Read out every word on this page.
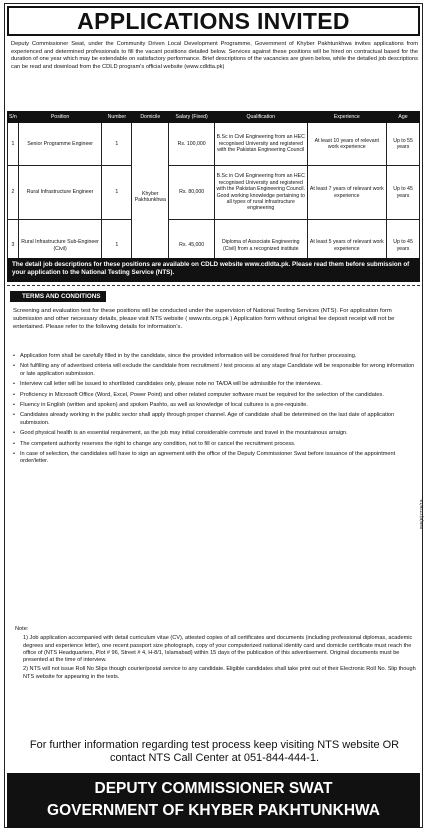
APPLICATIONS INVITED
Deputy Commissioner Swat, under the Community Driven Local Development Programme, Government of Khyber Pakhtunkhwa invites applications from experienced and determined professionals to fill the vacant positions detailed below. Services against these positions will be hired on contractual based for the duration of one year which may be extendable on satisfactory performance. Brief descriptions of the vacancies are given below, while the detailed job descriptions can be read and download from the CDLD program's official website (www.cdldta.pk)
S/n	Position	Number	Domicile	Salary (Fixed)	Qualification	Experience	Age
1	Senior Programme Engineer	1	Khyber Pakhtunkhwa	Rs. 100,000	B.Sc in Civil Engineering from an HEC recognised University and registered with the Pakistan Engineering Council	At least 10 years of relevant work experience	Up to 55 years
2	Rural Infrastructure Engineer	1		Rs. 80,000	B.Sc in Civil Engineering from an HEC recognised University and registered with the Pakistan Engineering Council. Good working knowledge pertaining to all types of rural infrastructure engineering	At least 7 years of relevant work experience	Up to 45 years
3	Rural Infrastructure Sub-Engineer (Civil)	1		Rs. 45,000	Diploma of Associate Engineering (Civil) from a recognized institute	At least 5 years of relevant work experience	Up to 45 years
The detail job descriptions for these positions are available on CDLD website www.cdldta.pk. Please read them before submission of your application to the National Testing Service (NTS).
TERMS AND CONDITIONS
Screening and evaluation test for these positions will be conducted under the supervision of National Testing Services (NTS). For application form submission and other necessary details, please visit NTS website ( www.nts.org.pk ) Application form without original fee deposit receipt will not be entertained. Please refer to the following details for information's.
• Application form shall be carefully filled in by the candidate, since the provided information will be considered final for further processing.
• Not fulfilling any of advertised criteria will exclude the candidate from recruitment / test process at any stage Candidate will be responsible for wrong information or late application submission.
• Interview call letter will be issued to shortlisted candidates only, please note no TA/DA will be admissible for the interviews.
• Proficiency in Microsoft Office (Word, Excel, Power Point) and other related computer software must be required for the selection of the candidates.
• Fluency in English (written and spoken) and spoken Pashto, as well as knowledge of local cultures is a pre-requisite.
• Candidates already working in the public sector shall apply through proper channel. Age of candidate shall be determined on the last date of application submission.
• Good physical health is an essential requirement, as the job may initial considerable commute and travel in the mountainous arraign.
• The competent authority reserves the right to change any condition, not to fill or cancel the recruitment process.
• In case of selection, the candidates will have to sign an agreement with the office of the Deputy Commissioner Swat before issuance of the appointment order/letter.

Note:

1) Job application accompanied with detail curriculum vitae (CV), attested copies of all certificates and documents (including professional diplomas, academic degrees and experience letter), one recent passport size photograph, copy of your computerized national identity card and domicile certificate must reach the office of (NTS Headquarters, Plot # 96, Street # 4, H-8/1, Islamabad) within 15 days of the publication of this advertisement. Original documents must be presented at the time of interview.

2) NTS will not issue Roll No Slips though courier/postal service to any candidate. Eligible candidates shall take print out of their Electronic Roll No. Slip though NTS website for appearing in the tests.

INF(P)7726/19
For further information regarding test process keep visiting NTS website OR contact NTS Call Center at 051-844-444-1.
DEPUTY COMMISSIONER SWAT
GOVERNMENT OF KHYBER PAKHTUNKHWA
